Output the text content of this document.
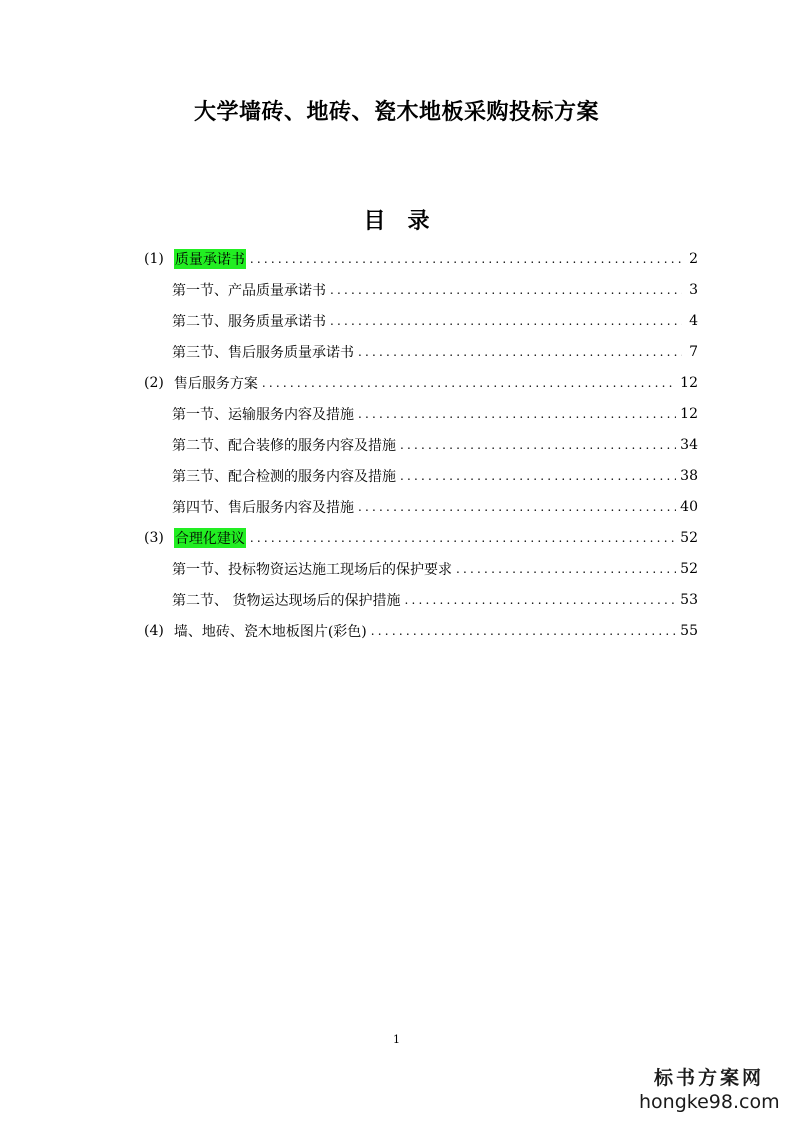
大学墙砖、地砖、瓷木地板采购投标方案
目　录
(1) 质量承诺书 .....	2
第一节、产品质量承诺书 .....	3
第二节、服务质量承诺书 .....	4
第三节、售后服务质量承诺书 .....	7
(2) 售后服务方案 .....	12
第一节、运输服务内容及措施 .....	12
第二节、配合装修的服务内容及措施 .....	34
第三节、配合检测的服务内容及措施 .....	38
第四节、售后服务内容及措施 .....	40
(3) 合理化建议 .....	52
第一节、投标物资运达施工现场后的保护要求 .....	52
第二节、 货物运达现场后的保护措施 .....	53
(4) 墙、地砖、瓷木地板图片(彩色) .....	55
1
标书方案网
hongke98.com
